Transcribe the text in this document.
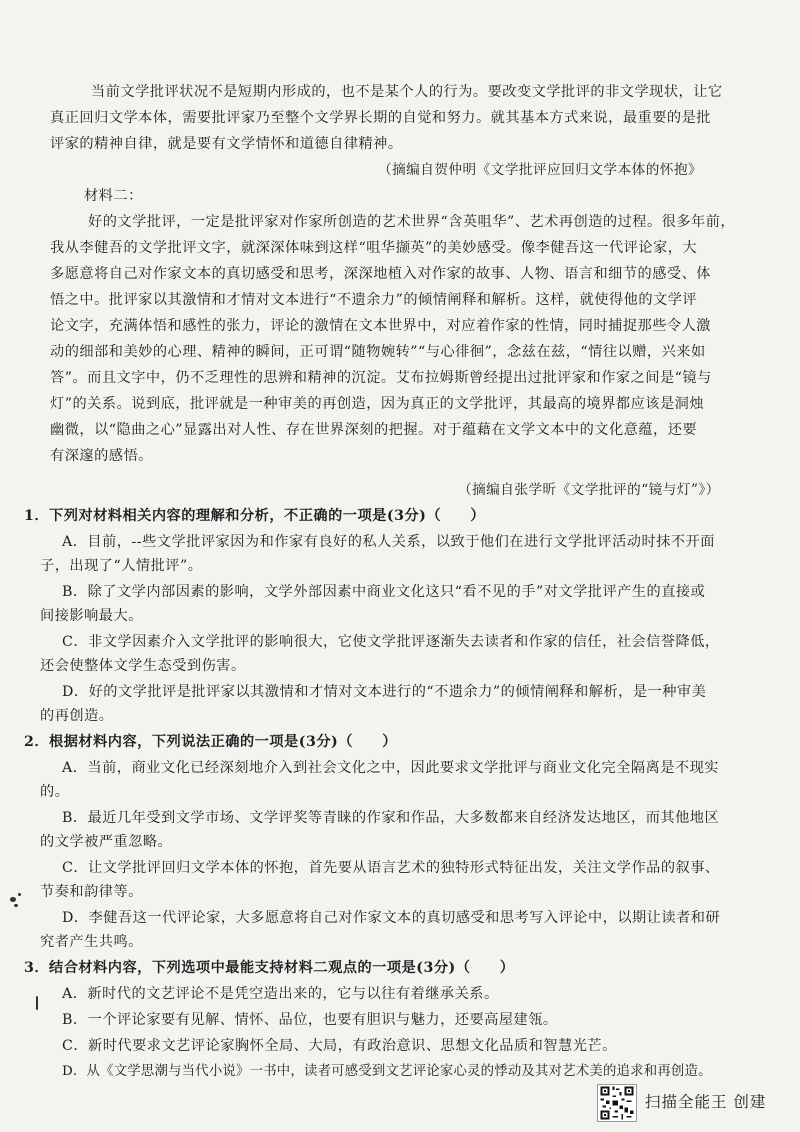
当前文学批评状况不是短期内形成的，也不是某个人的行为。要改变文学批评的非文学现状，让它
真正回归文学本体，需要批评家乃至整个文学界长期的自觉和努力。就其基本方式来说，最重要的是批
评家的精神自律，就是要有文学情怀和道德自律精神。
（摘编自贺仲明《文学批评应回归文学本体的怀抱》
材料二：
好的文学批评，一定是批评家对作家所创造的艺术世界“含英咀华”、艺术再创造的过程。很多年前，
我从李健吾的文学批评文字，就深深体味到这样“咀华撷英”的美妙感受。像李健吾这一代评论家，大
多愿意将自己对作家文本的真切感受和思考，深深地植入对作家的故事、人物、语言和细节的感受、体
悟之中。批评家以其激情和才情对文本进行“不遗余力”的倾情阐释和解析。这样，就使得他的文学评
论文字，充满体悟和感性的张力，评论的激情在文本世界中，对应着作家的性情，同时捕捉那些令人激
动的细部和美妙的心理、精神的瞬间，正可谓“随物婉转”“与心徘徊”，念兹在兹，“情往以赠，兴来如
答”。而且文字中，仍不乏理性的思辨和精神的沉淀。艾布拉姆斯曾经提出过批评家和作家之间是“镜与
灯”的关系。说到底，批评就是一种审美的再创造，因为真正的文学批评，其最高的境界都应该是洞烛
幽微，以“隐曲之心”显露出对人性、存在世界深刻的把握。对于蕴藉在文学文本中的文化意蕴，还要
有深邃的感悟。
（摘编自张学昕《文学批评的“镜与灯”》）
1．下列对材料相关内容的理解和分析，不正确的一项是(3分)（　　）
A．目前，--些文学批评家因为和作家有良好的私人关系，以致于他们在进行文学批评活动时抹不开面
子，出现了“人情批评”。
B．除了文学内部因素的影响，文学外部因素中商业文化这只“看不见的手”对文学批评产生的直接或
间接影响最大。
C．非文学因素介入文学批评的影响很大，它使文学批评逐渐失去读者和作家的信任，社会信誉降低，
还会使整体文学生态受到伤害。
D．好的文学批评是批评家以其激情和才情对文本进行的“不遗余力”的倾情阐释和解析，是一种审美
的再创造。
2．根据材料内容，下列说法正确的一项是(3分)（　　）
A．当前，商业文化已经深刻地介入到社会文化之中，因此要求文学批评与商业文化完全隔离是不现实
的。
B．最近几年受到文学市场、文学评奖等青睐的作家和作品，大多数都来自经济发达地区，而其他地区
的文学被严重忽略。
C．让文学批评回归文学本体的怀抱，首先要从语言艺术的独特形式特征出发，关注文学作品的叙事、
节奏和韵律等。
D．李健吾这一代评论家，大多愿意将自己对作家文本的真切感受和思考写入评论中，以期让读者和研
究者产生共鸣。
3．结合材料内容，下列选项中最能支持材料二观点的一项是(3分)（　　）
A．新时代的文艺评论不是凭空造出来的，它与以往有着继承关系。
B．一个评论家要有见解、情怀、品位，也要有胆识与魅力，还要高屋建瓴。
C．新时代要求文艺评论家胸怀全局、大局，有政治意识、思想文化品质和智慧光芒。
D．从《文学思潮与当代小说》一书中，读者可感受到文艺评论家心灵的悸动及其对艺术美的追求和再创造。
扫描全能王 创建
